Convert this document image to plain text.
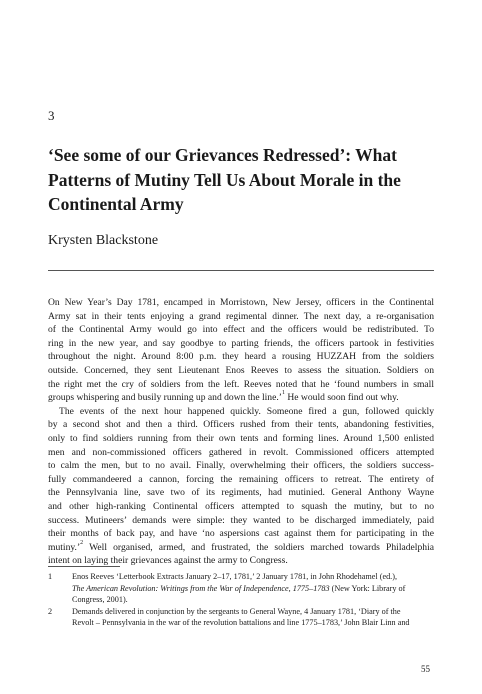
3
‘See some of our Grievances Redressed’: What
Patterns of Mutiny Tell Us About Morale in the
Continental Army
Krysten Blackstone
On New Year’s Day 1781, encamped in Morristown, New Jersey, officers in the Continental
Army sat in their tents enjoying a grand regimental dinner. The next day, a re-organisation
of the Continental Army would go into effect and the officers would be redistributed. To
ring in the new year, and say goodbye to parting friends, the officers partook in festivities
throughout the night. Around 8:00 p.m. they heard a rousing HUZZAH from the soldiers
outside. Concerned, they sent Lieutenant Enos Reeves to assess the situation. Soldiers on
the right met the cry of soldiers from the left. Reeves noted that he ‘found numbers in small
groups whispering and busily running up and down the line.’$^1$ He would soon find out why.
The events of the next hour happened quickly. Someone fired a gun, followed quickly
by a second shot and then a third. Officers rushed from their tents, abandoning festivities,
only to find soldiers running from their own tents and forming lines. Around 1,500 enlisted
men and non-commissioned officers gathered in revolt. Commissioned officers attempted
to calm the men, but to no avail. Finally, overwhelming their officers, the soldiers success-
fully commandeered a cannon, forcing the remaining officers to retreat. The entirety of
the Pennsylvania line, save two of its regiments, had mutinied. General Anthony Wayne
and other high-ranking Continental officers attempted to squash the mutiny, but to no
success. Mutineers’ demands were simple: they wanted to be discharged immediately, paid
their months of back pay, and have ‘no aspersions cast against them for participating in the
mutiny.’$^2$ Well organised, armed, and frustrated, the soldiers marched towards Philadelphia
intent on laying their grievances against the army to Congress.
1	Enos Reeves ‘Letterbook Extracts January 2–17, 1781,’ 2 January 1781, in John Rhodehamel (ed.),
The American Revolution: Writings from the War of Independence, 1775–1783 (New York: Library of
Congress, 2001).
2	Demands delivered in conjunction by the sergeants to General Wayne, 4 January 1781, ‘Diary of the
Revolt – Pennsylvania in the war of the revolution battalions and line 1775–1783,’ John Blair Linn and
55
